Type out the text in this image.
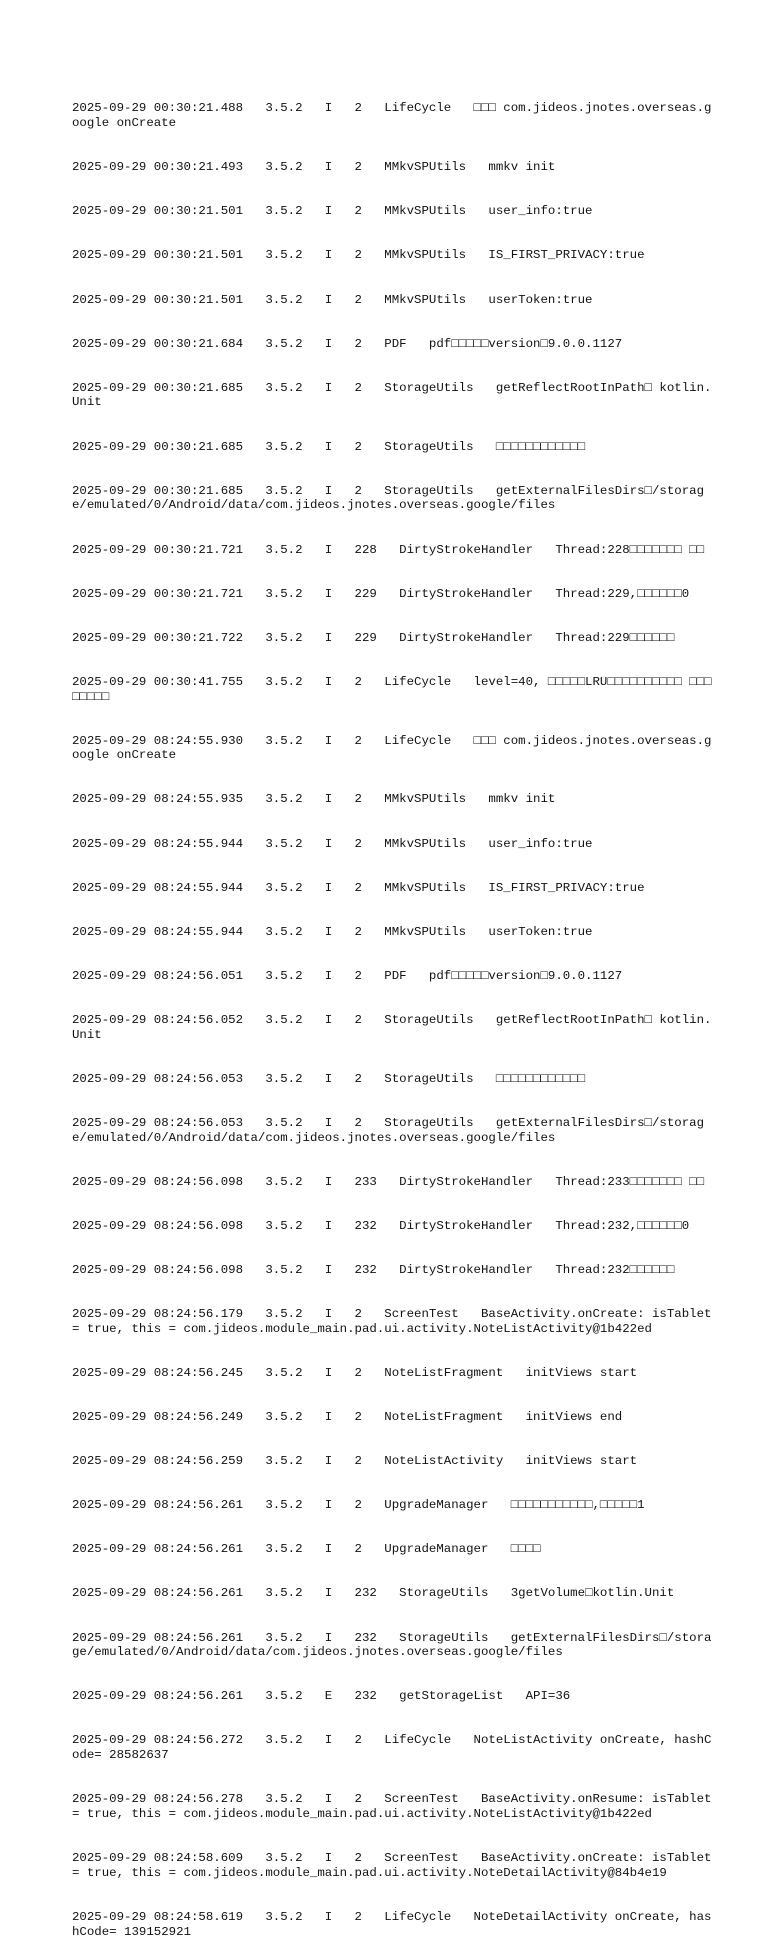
2025-09-29 00:30:21.488   3.5.2   I   2   LifeCycle   □□□ com.jideos.jnotes.overseas.google onCreate

2025-09-29 00:30:21.493   3.5.2   I   2   MMkvSPUtils   mmkv init

2025-09-29 00:30:21.501   3.5.2   I   2   MMkvSPUtils   user_info:true

2025-09-29 00:30:21.501   3.5.2   I   2   MMkvSPUtils   IS_FIRST_PRIVACY:true

2025-09-29 00:30:21.501   3.5.2   I   2   MMkvSPUtils   userToken:true

2025-09-29 00:30:21.684   3.5.2   I   2   PDF   pdf□□□□□version□9.0.0.1127

2025-09-29 00:30:21.685   3.5.2   I   2   StorageUtils   getReflectRootInPath□ kotlin.Unit

2025-09-29 00:30:21.685   3.5.2   I   2   StorageUtils   □□□□□□□□□□□□

2025-09-29 00:30:21.685   3.5.2   I   2   StorageUtils   getExternalFilesDirs□/storage/emulated/0/Android/data/com.jideos.jnotes.overseas.google/files

2025-09-29 00:30:21.721   3.5.2   I   228   DirtyStrokeHandler   Thread:228□□□□□□□ □□

2025-09-29 00:30:21.721   3.5.2   I   229   DirtyStrokeHandler   Thread:229,□□□□□□0

2025-09-29 00:30:21.722   3.5.2   I   229   DirtyStrokeHandler   Thread:229□□□□□□

2025-09-29 00:30:41.755   3.5.2   I   2   LifeCycle   level=40, □□□□□LRU□□□□□□□□□□ □□□□□□□□

2025-09-29 08:24:55.930   3.5.2   I   2   LifeCycle   □□□ com.jideos.jnotes.overseas.google onCreate

2025-09-29 08:24:55.935   3.5.2   I   2   MMkvSPUtils   mmkv init

2025-09-29 08:24:55.944   3.5.2   I   2   MMkvSPUtils   user_info:true

2025-09-29 08:24:55.944   3.5.2   I   2   MMkvSPUtils   IS_FIRST_PRIVACY:true

2025-09-29 08:24:55.944   3.5.2   I   2   MMkvSPUtils   userToken:true

2025-09-29 08:24:56.051   3.5.2   I   2   PDF   pdf□□□□□version□9.0.0.1127

2025-09-29 08:24:56.052   3.5.2   I   2   StorageUtils   getReflectRootInPath□ kotlin.Unit

2025-09-29 08:24:56.053   3.5.2   I   2   StorageUtils   □□□□□□□□□□□□

2025-09-29 08:24:56.053   3.5.2   I   2   StorageUtils   getExternalFilesDirs□/storage/emulated/0/Android/data/com.jideos.jnotes.overseas.google/files

2025-09-29 08:24:56.098   3.5.2   I   233   DirtyStrokeHandler   Thread:233□□□□□□□ □□

2025-09-29 08:24:56.098   3.5.2   I   232   DirtyStrokeHandler   Thread:232,□□□□□□0

2025-09-29 08:24:56.098   3.5.2   I   232   DirtyStrokeHandler   Thread:232□□□□□□

2025-09-29 08:24:56.179   3.5.2   I   2   ScreenTest   BaseActivity.onCreate: isTablet = true, this = com.jideos.module_main.pad.ui.activity.NoteListActivity@1b422ed

2025-09-29 08:24:56.245   3.5.2   I   2   NoteListFragment   initViews start

2025-09-29 08:24:56.249   3.5.2   I   2   NoteListFragment   initViews end

2025-09-29 08:24:56.259   3.5.2   I   2   NoteListActivity   initViews start

2025-09-29 08:24:56.261   3.5.2   I   2   UpgradeManager   □□□□□□□□□□□,□□□□□1

2025-09-29 08:24:56.261   3.5.2   I   2   UpgradeManager   □□□□

2025-09-29 08:24:56.261   3.5.2   I   232   StorageUtils   3getVolume□kotlin.Unit

2025-09-29 08:24:56.261   3.5.2   I   232   StorageUtils   getExternalFilesDirs□/storage/emulated/0/Android/data/com.jideos.jnotes.overseas.google/files

2025-09-29 08:24:56.261   3.5.2   E   232   getStorageList   API=36

2025-09-29 08:24:56.272   3.5.2   I   2   LifeCycle   NoteListActivity onCreate, hashCode= 28582637

2025-09-29 08:24:56.278   3.5.2   I   2   ScreenTest   BaseActivity.onResume: isTablet = true, this = com.jideos.module_main.pad.ui.activity.NoteListActivity@1b422ed

2025-09-29 08:24:58.609   3.5.2   I   2   ScreenTest   BaseActivity.onCreate: isTablet = true, this = com.jideos.module_main.pad.ui.activity.NoteDetailActivity@84b4e19

2025-09-29 08:24:58.619   3.5.2   I   2   LifeCycle   NoteDetailActivity onCreate, hashCode= 139152921
